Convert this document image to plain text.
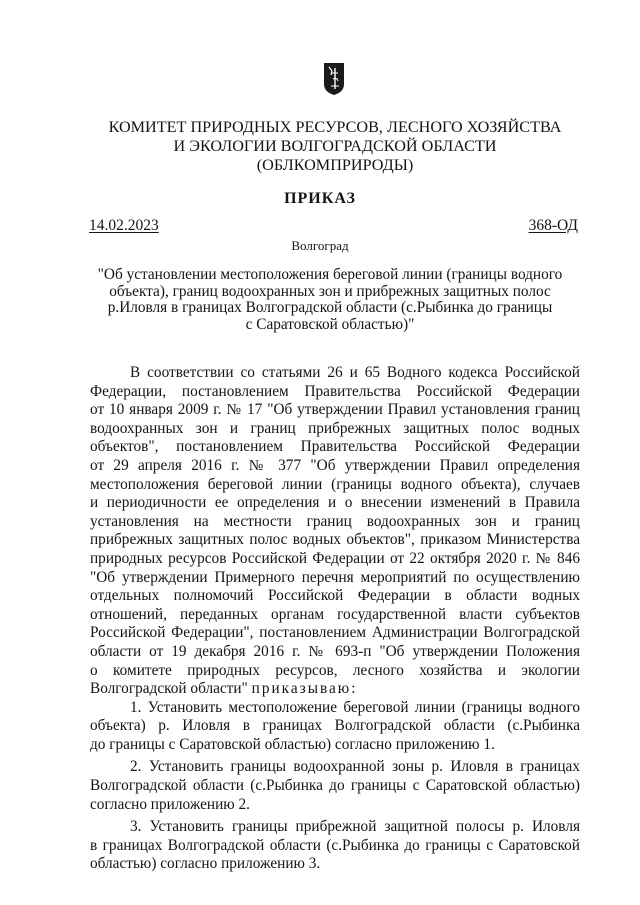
КОМИТЕТ ПРИРОДНЫХ РЕСУРСОВ, ЛЕСНОГО ХОЗЯЙСТВА
И ЭКОЛОГИИ ВОЛГОГРАДСКОЙ ОБЛАСТИ
(ОБЛКОМПРИРОДЫ)
ПРИКАЗ
14.02.2023	368-ОД
Волгоград
"Об установлении местоположения береговой линии (границы водного
объекта), границ водоохранных зон и прибрежных защитных полос
р.Иловля в границах Волгоградской области (с.Рыбинка до границы
с Саратовской областью)"
В соответствии со статьями 26 и 65 Водного кодекса Российской
Федерации, постановлением Правительства Российской Федерации
от 10 января 2009 г. № 17 "Об утверждении Правил установления границ
водоохранных зон и границ прибрежных защитных полос водных
объектов", постановлением Правительства Российской Федерации
от 29 апреля 2016 г. № 377 "Об утверждении Правил определения
местоположения береговой линии (границы водного объекта), случаев
и периодичности ее определения и о внесении изменений в Правила
установления на местности границ водоохранных зон и границ
прибрежных защитных полос водных объектов", приказом Министерства
природных ресурсов Российской Федерации от 22 октября 2020 г. № 846
"Об утверждении Примерного перечня мероприятий по осуществлению
отдельных полномочий Российской Федерации в области водных
отношений, переданных органам государственной власти субъектов
Российской Федерации", постановлением Администрации Волгоградской
области от 19 декабря 2016 г. № 693-п "Об утверждении Положения
о комитете природных ресурсов, лесного хозяйства и экологии
Волгоградской области" приказываю:
1. Установить местоположение береговой линии (границы водного
объекта) р. Иловля в границах Волгоградской области (с.Рыбинка
до границы с Саратовской областью) согласно приложению 1.
2. Установить границы водоохранной зоны р. Иловля в границах
Волгоградской области (с.Рыбинка до границы с Саратовской областью)
согласно приложению 2.
3. Установить границы прибрежной защитной полосы р. Иловля
в границах Волгоградской области (с.Рыбинка до границы с Саратовской
областью) согласно приложению 3.
